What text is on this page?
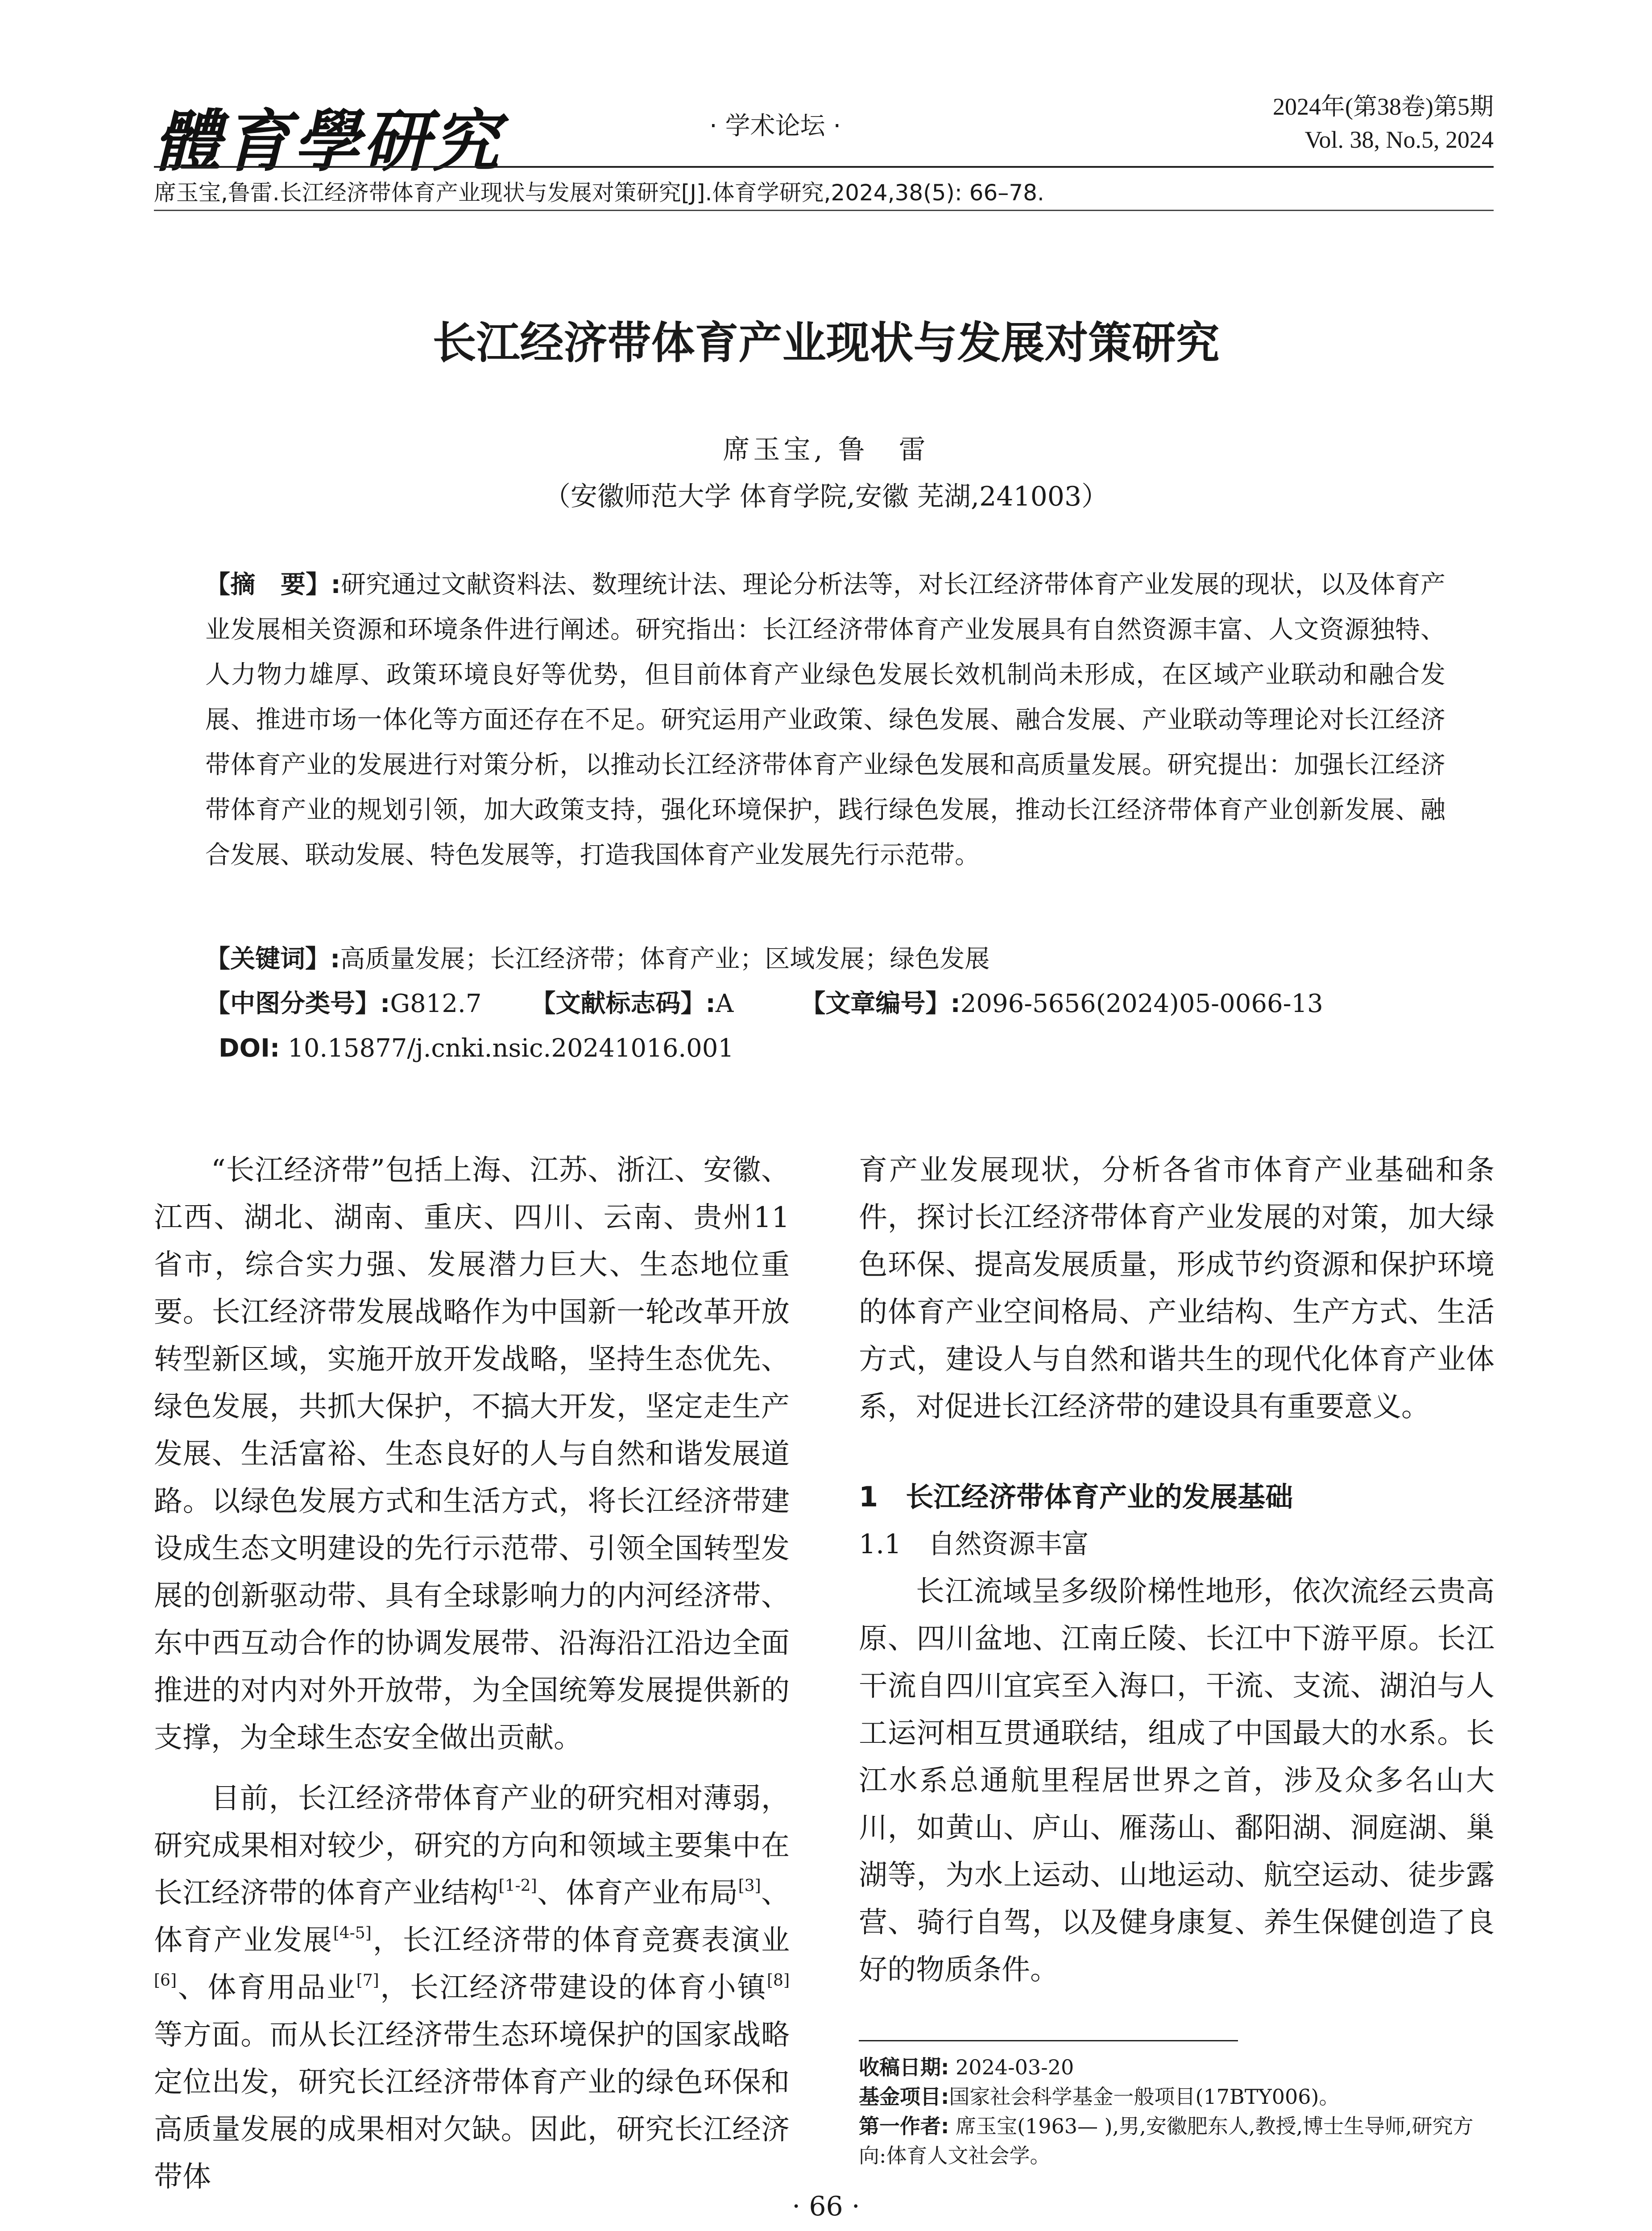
體育學研究	· 学术论坛 ·
2024年(第38卷)第5期
Vol. 38, No.5, 2024
席玉宝,鲁雷.长江经济带体育产业现状与发展对策研究[J].体育学研究,2024,38(5): 66–78.
长江经济带体育产业现状与发展对策研究
席玉宝, 鲁　雷
（安徽师范大学 体育学院,安徽 芜湖,241003）
【摘　要】:研究通过文献资料法、数理统计法、理论分析法等，对长江经济带体育产业发展的现状，以及体育产业发展相关资源和环境条件进行阐述。研究指出：长江经济带体育产业发展具有自然资源丰富、人文资源独特、人力物力雄厚、政策环境良好等优势，但目前体育产业绿色发展长效机制尚未形成，在区域产业联动和融合发展、推进市场一体化等方面还存在不足。研究运用产业政策、绿色发展、融合发展、产业联动等理论对长江经济带体育产业的发展进行对策分析，以推动长江经济带体育产业绿色发展和高质量发展。研究提出：加强长江经济带体育产业的规划引领，加大政策支持，强化环境保护，践行绿色发展，推动长江经济带体育产业创新发展、融合发展、联动发展、特色发展等，打造我国体育产业发展先行示范带。
【关键词】:高质量发展；长江经济带；体育产业；区域发展；绿色发展
【中图分类号】:G812.7 【文献标志码】:A	【文章编号】:2096-5656(2024)05-0066-13
DOI: 10.15877/j.cnki.nsic.20241016.001

“长江经济带”包括上海、江苏、浙江、安徽、江西、湖北、湖南、重庆、四川、云南、贵州11省市，综合实力强、发展潜力巨大、生态地位重要。长江经济带发展战略作为中国新一轮改革开放转型新区域，实施开放开发战略，坚持生态优先、绿色发展，共抓大保护，不搞大开发，坚定走生产发展、生活富裕、生态良好的人与自然和谐发展道路。以绿色发展方式和生活方式，将长江经济带建设成生态文明建设的先行示范带、引领全国转型发展的创新驱动带、具有全球影响力的内河经济带、东中西互动合作的协调发展带、沿海沿江沿边全面推进的对内对外开放带，为全国统筹发展提供新的支撑，为全球生态安全做出贡献。

目前，长江经济带体育产业的研究相对薄弱，研究成果相对较少，研究的方向和领域主要集中在长江经济带的体育产业结构[1-2]、体育产业布局[3]、体育产业发展[4-5]，长江经济带的体育竞赛表演业[6]、体育用品业[7]，长江经济带建设的体育小镇[8]等方面。而从长江经济带生态环境保护的国家战略定位出发，研究长江经济带体育产业的绿色环保和高质量发展的成果相对欠缺。因此，研究长江经济带体

育产业发展现状，分析各省市体育产业基础和条件，探讨长江经济带体育产业发展的对策，加大绿色环保、提高发展质量，形成节约资源和保护环境的体育产业空间格局、产业结构、生产方式、生活方式，建设人与自然和谐共生的现代化体育产业体系，对促进长江经济带的建设具有重要意义。

1　长江经济带体育产业的发展基础

1.1　自然资源丰富

长江流域呈多级阶梯性地形，依次流经云贵高原、四川盆地、江南丘陵、长江中下游平原。长江干流自四川宜宾至入海口，干流、支流、湖泊与人工运河相互贯通联结，组成了中国最大的水系。长江水系总通航里程居世界之首，涉及众多名山大川，如黄山、庐山、雁荡山、鄱阳湖、洞庭湖、巢湖等，为水上运动、山地运动、航空运动、徒步露营、骑行自驾，以及健身康复、养生保健创造了良好的物质条件。

收稿日期: 2024-03-20
基金项目:国家社会科学基金一般项目(17BTY006)。
第一作者: 席玉宝(1963— ),男,安徽肥东人,教授,博士生导师,研究方向:体育人文社会学。
· 66 ·
